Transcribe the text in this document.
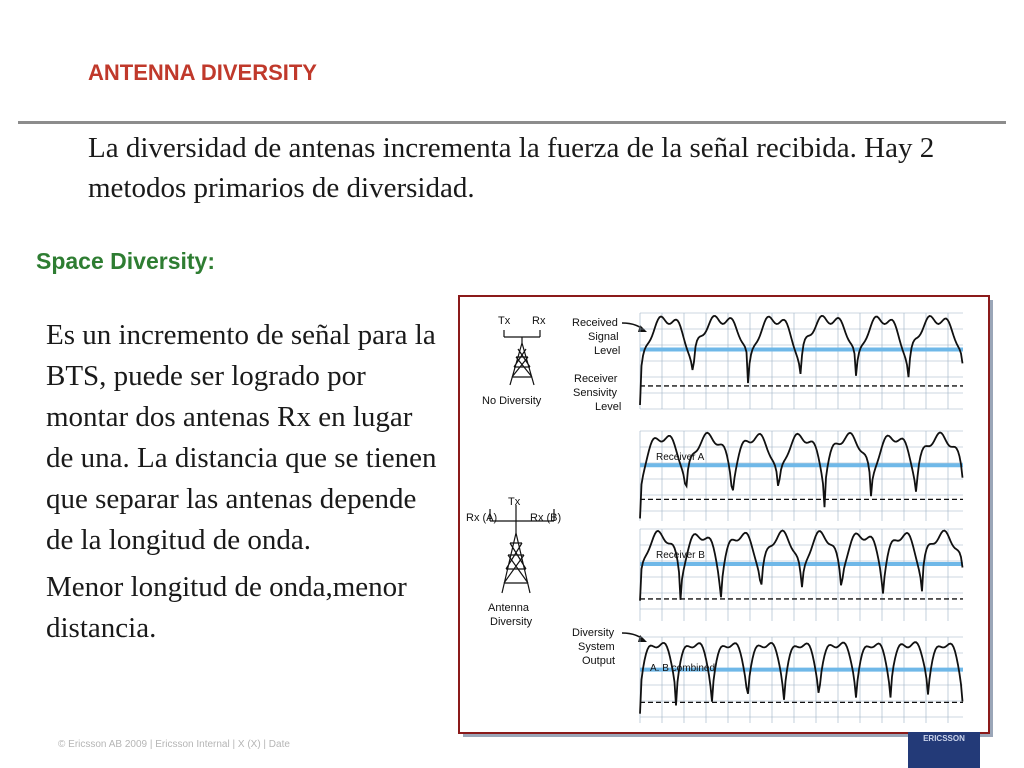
ANTENNA DIVERSITY
La diversidad de antenas incrementa la fuerza de la señal recibida. Hay 2 metodos primarios de diversidad.
Space Diversity:

Es un incremento de señal para la BTS, puede ser logrado por montar dos antenas Rx en lugar de una. La distancia que se tienen que separar las antenas depende de la longitud de onda.

Menor longitud de onda,menor distancia.

Tx Rx
No Diversity
Tx
Rx (A)	Rx (B)
Antenna
Diversity
Received
Signal
Level
Receiver
Sensivity
Level
Diversity
System
Output
Receiver A
Receiver B
A. B combined
© Ericsson AB 2009 | Ericsson Internal | X (X) | Date
ERICSSON
